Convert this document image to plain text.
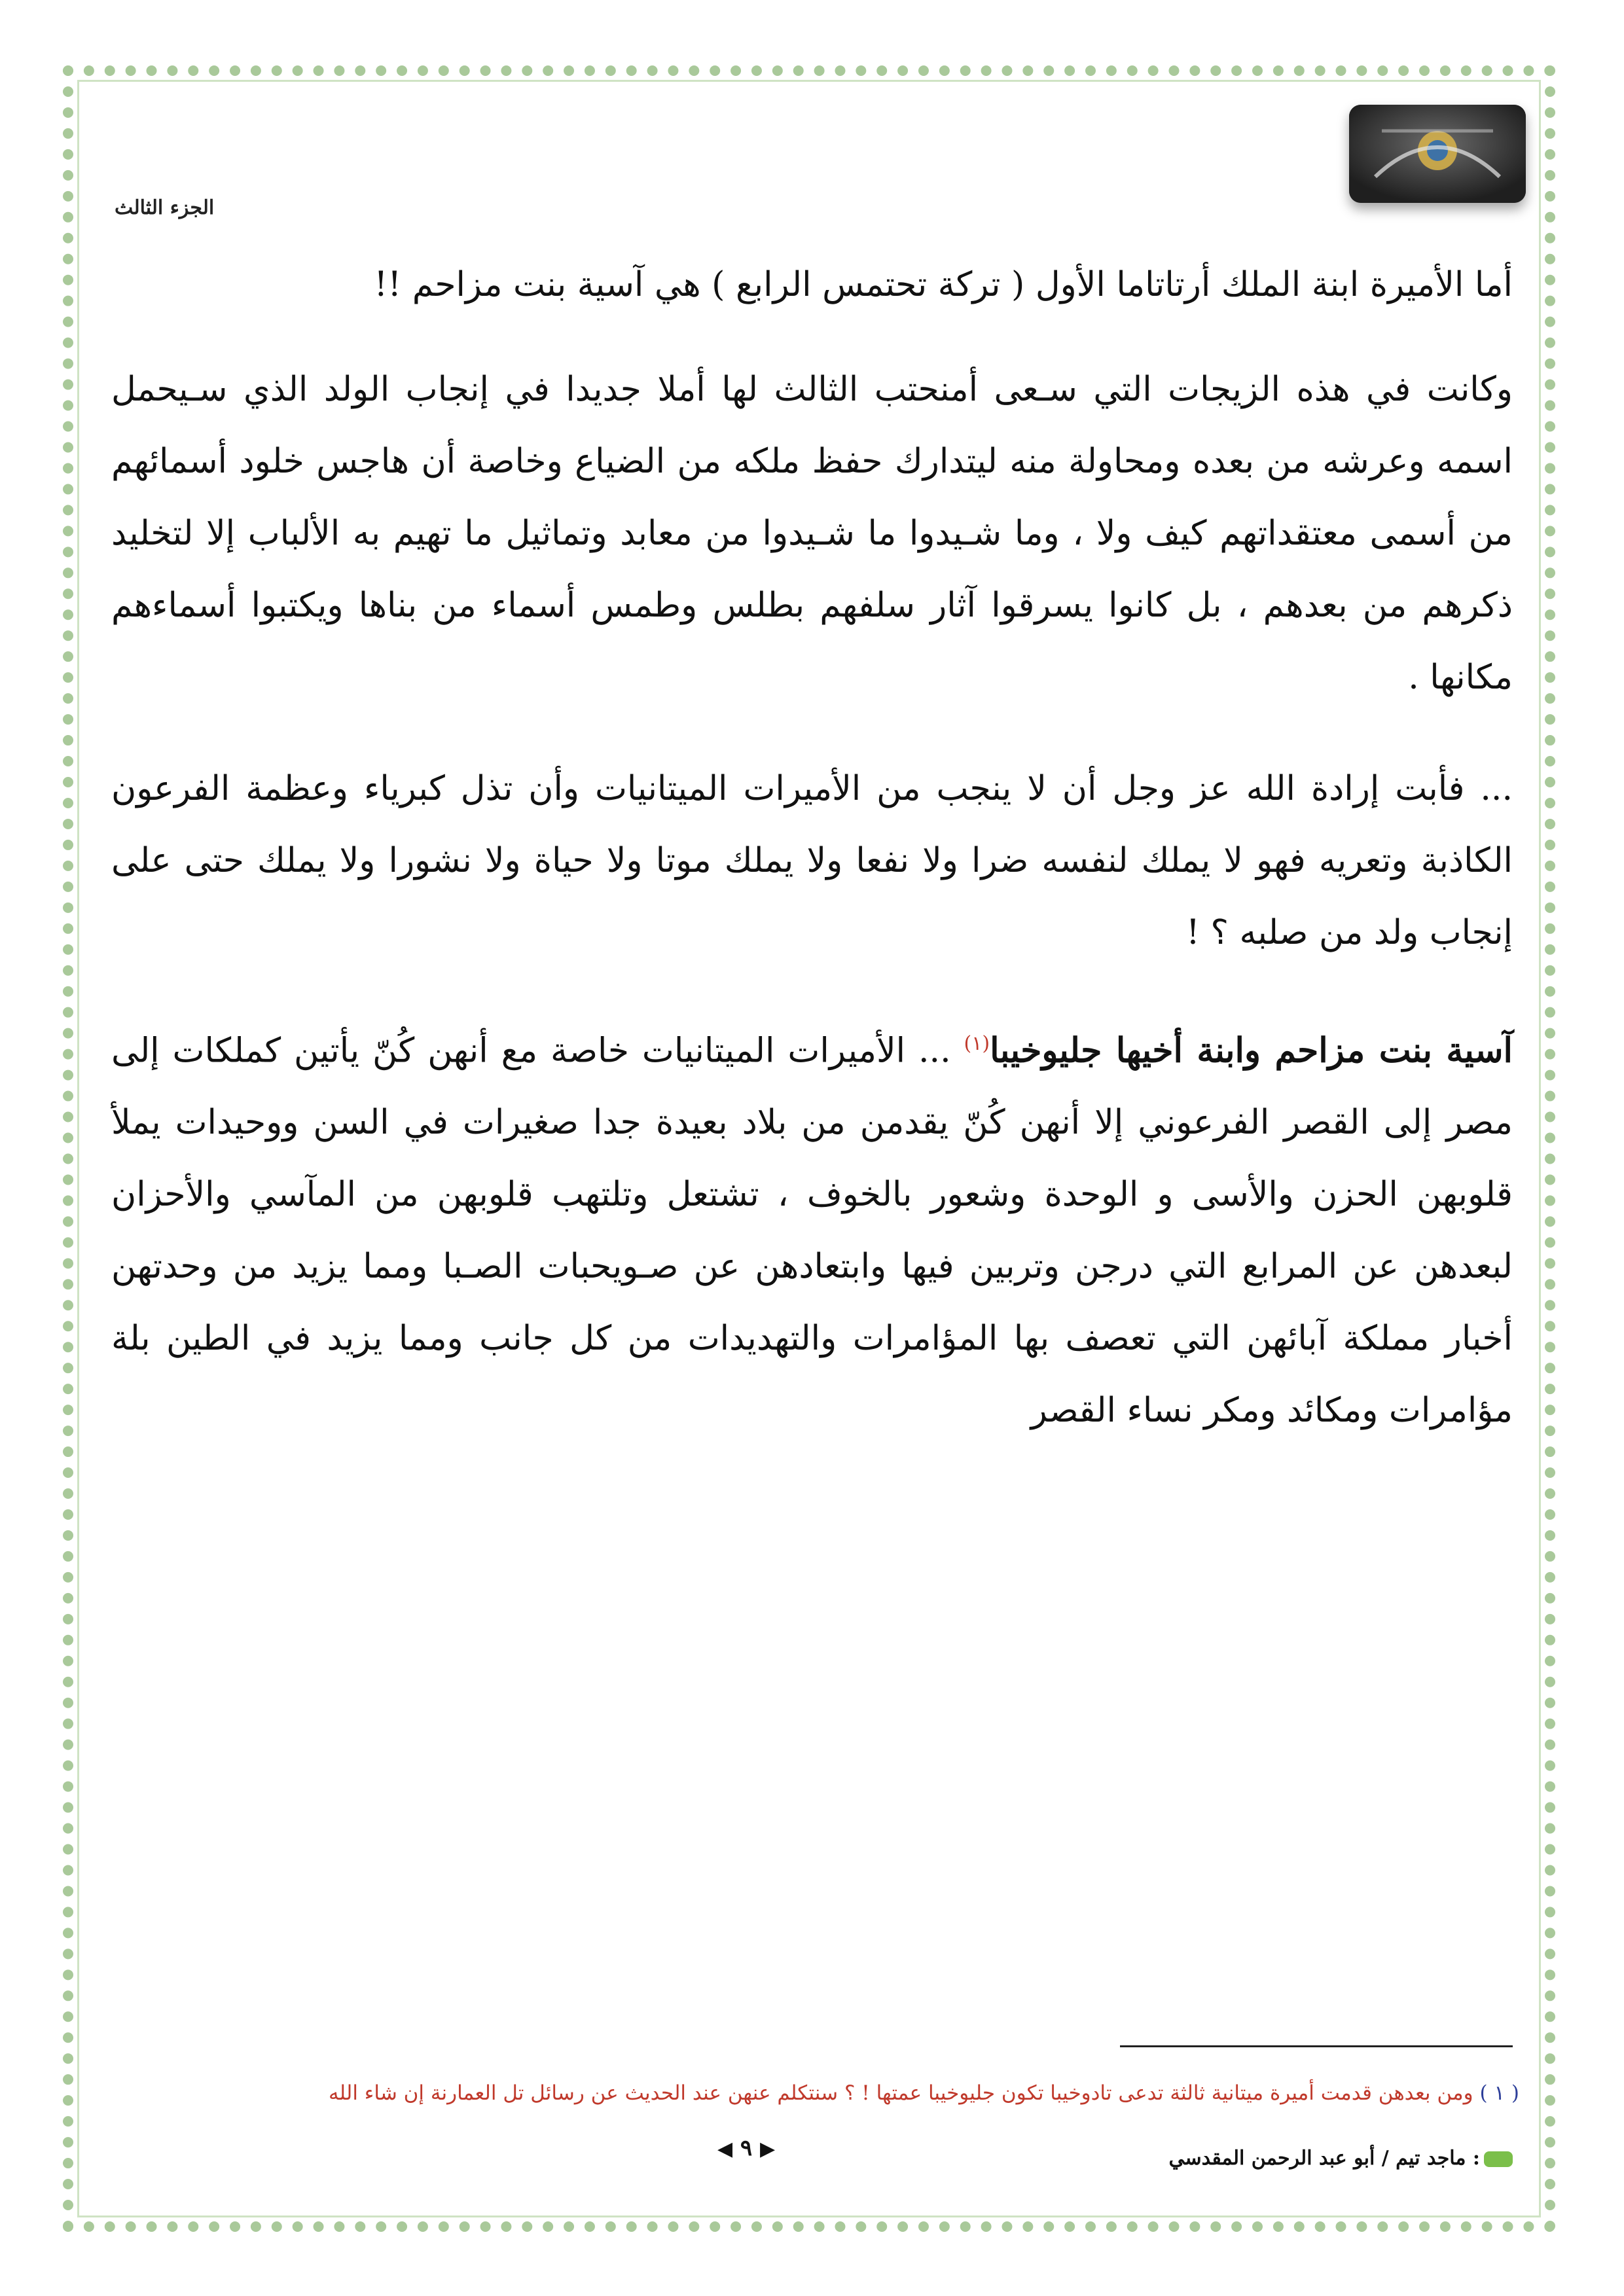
الجزء الثالث

أما الأميرة ابنة الملك أرتاتاما الأول ( تركة تحتمس الرابع ) هي آسية بنت مزاحم !!

وكانت في هذه الزيجات التي سـعى أمنحتب الثالث لها أملا جديدا في إنجاب الولد الذي سـيحمل اسمه وعرشه من بعده ومحاولة منه ليتدارك حفظ ملكه من الضياع وخاصة أن هاجس خلود أسمائهم من أسمى معتقداتهم كيف ولا ، وما شـيدوا ما شـيدوا من معابد وتماثيل ما تهيم به الألباب إلا لتخليد ذكرهم من بعدهم ، بل كانوا يسرقوا آثار سلفهم بطلس وطمس أسماء من بناها ويكتبوا أسماءهم مكانها .

... فأبت إرادة الله عز وجل أن لا ينجب من الأميرات الميتانيات وأن تذل كبرياء وعظمة الفرعون الكاذبة وتعريه فهو لا يملك لنفسه ضرا ولا نفعا ولا يملك موتا ولا حياة ولا نشورا ولا يملك حتى على إنجاب ولد من صلبه ؟ !

آسية بنت مزاحم وابنة أخيها جليوخيبا$^{(١)}$ ... الأميرات الميتانيات خاصة مع أنهن كُنّ يأتين كملكات إلى مصر إلى القصر الفرعوني إلا أنهن كُنّ يقدمن من بلاد بعيدة جدا صغيرات في السن ووحيدات يملأ قلوبهن الحزن والأسى و الوحدة وشعور بالخوف ، تشتعل وتلتهب قلوبهن من المآسي والأحزان لبعدهن عن المرابع التي درجن وتربين فيها وابتعادهن عن صـويحبات الصـبا ومما يزيد من وحدتهن أخبار مملكة آبائهن التي تعصف بها المؤامرات والتهديدات من كل جانب ومما يزيد في الطين بلة مؤامرات ومكائد ومكر نساء القصر

( ١ ) ومن بعدهن قدمت أميرة ميتانية ثالثة تدعى تادوخيبا تكون جليوخيبا عمتها ! ؟ سنتكلم عنهن عند الحديث عن رسائل تل العمارنة إن شاء الله
◀ ٩ ▶	: ماجد تيم / أبو عبد الرحمن المقدسي
